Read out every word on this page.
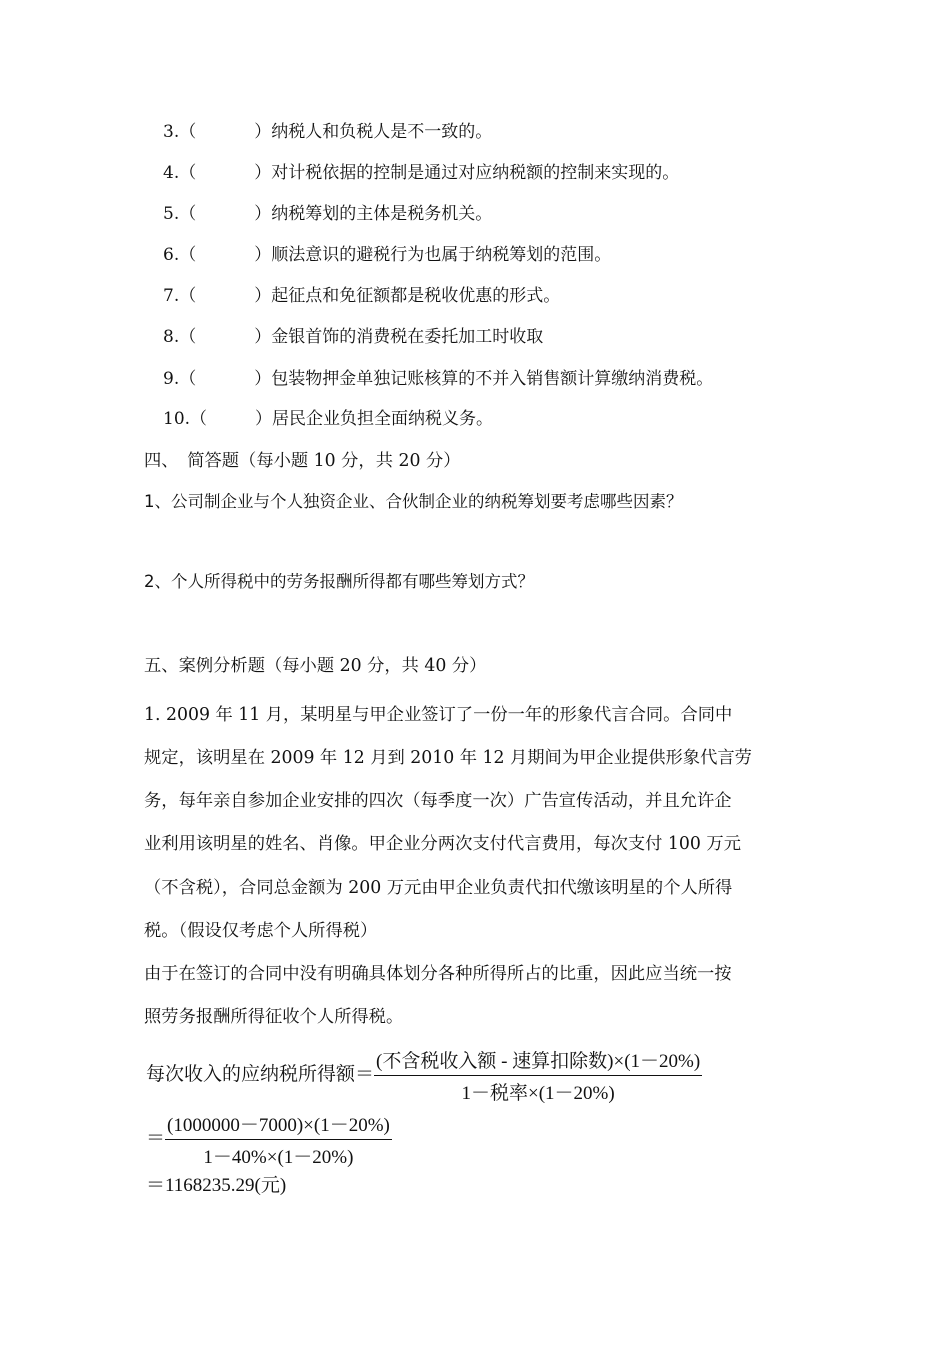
3.（	）纳税人和负税人是不一致的。
4.（	）对计税依据的控制是通过对应纳税额的控制来实现的。
5.（	）纳税筹划的主体是税务机关。
6.（	）顺法意识的避税行为也属于纳税筹划的范围。
7.（	）起征点和免征额都是税收优惠的形式。
8.（	）金银首饰的消费税在委托加工时收取
9.（	）包装物押金单独记账核算的不并入销售额计算缴纳消费税。
10.（	）居民企业负担全面纳税义务。
四、　简答题（每小题 10 分，共 20 分）
1、公司制企业与个人独资企业、合伙制企业的纳税筹划要考虑哪些因素？
2、个人所得税中的劳务报酬所得都有哪些筹划方式？
五、案例分析题（每小题 20 分，共 40 分）
1. 2009 年 11 月，某明星与甲企业签订了一份一年的形象代言合同。合同中
规定，该明星在 2009 年 12 月到 2010 年 12 月期间为甲企业提供形象代言劳
务，每年亲自参加企业安排的四次（每季度一次）广告宣传活动，并且允许企
业利用该明星的姓名、肖像。甲企业分两次支付代言费用，每次支付 100 万元
（不含税），合同总金额为 200 万元由甲企业负责代扣代缴该明星的个人所得
税。（假设仅考虑个人所得税）
由于在签订的合同中没有明确具体划分各种所得所占的比重，因此应当统一按
照劳务报酬所得征收个人所得税。
每次收入的应纳税所得额＝ $\frac{\text{(不含税收入额 - 速算扣除数)×(1－20\%)}}{\text{1－税率×(1－20\%)}}$
＝ $\frac{(1000000-7000)\times(1-20\%)}{1-40\%\times(1-20\%)}$
＝1168235.29(元)
